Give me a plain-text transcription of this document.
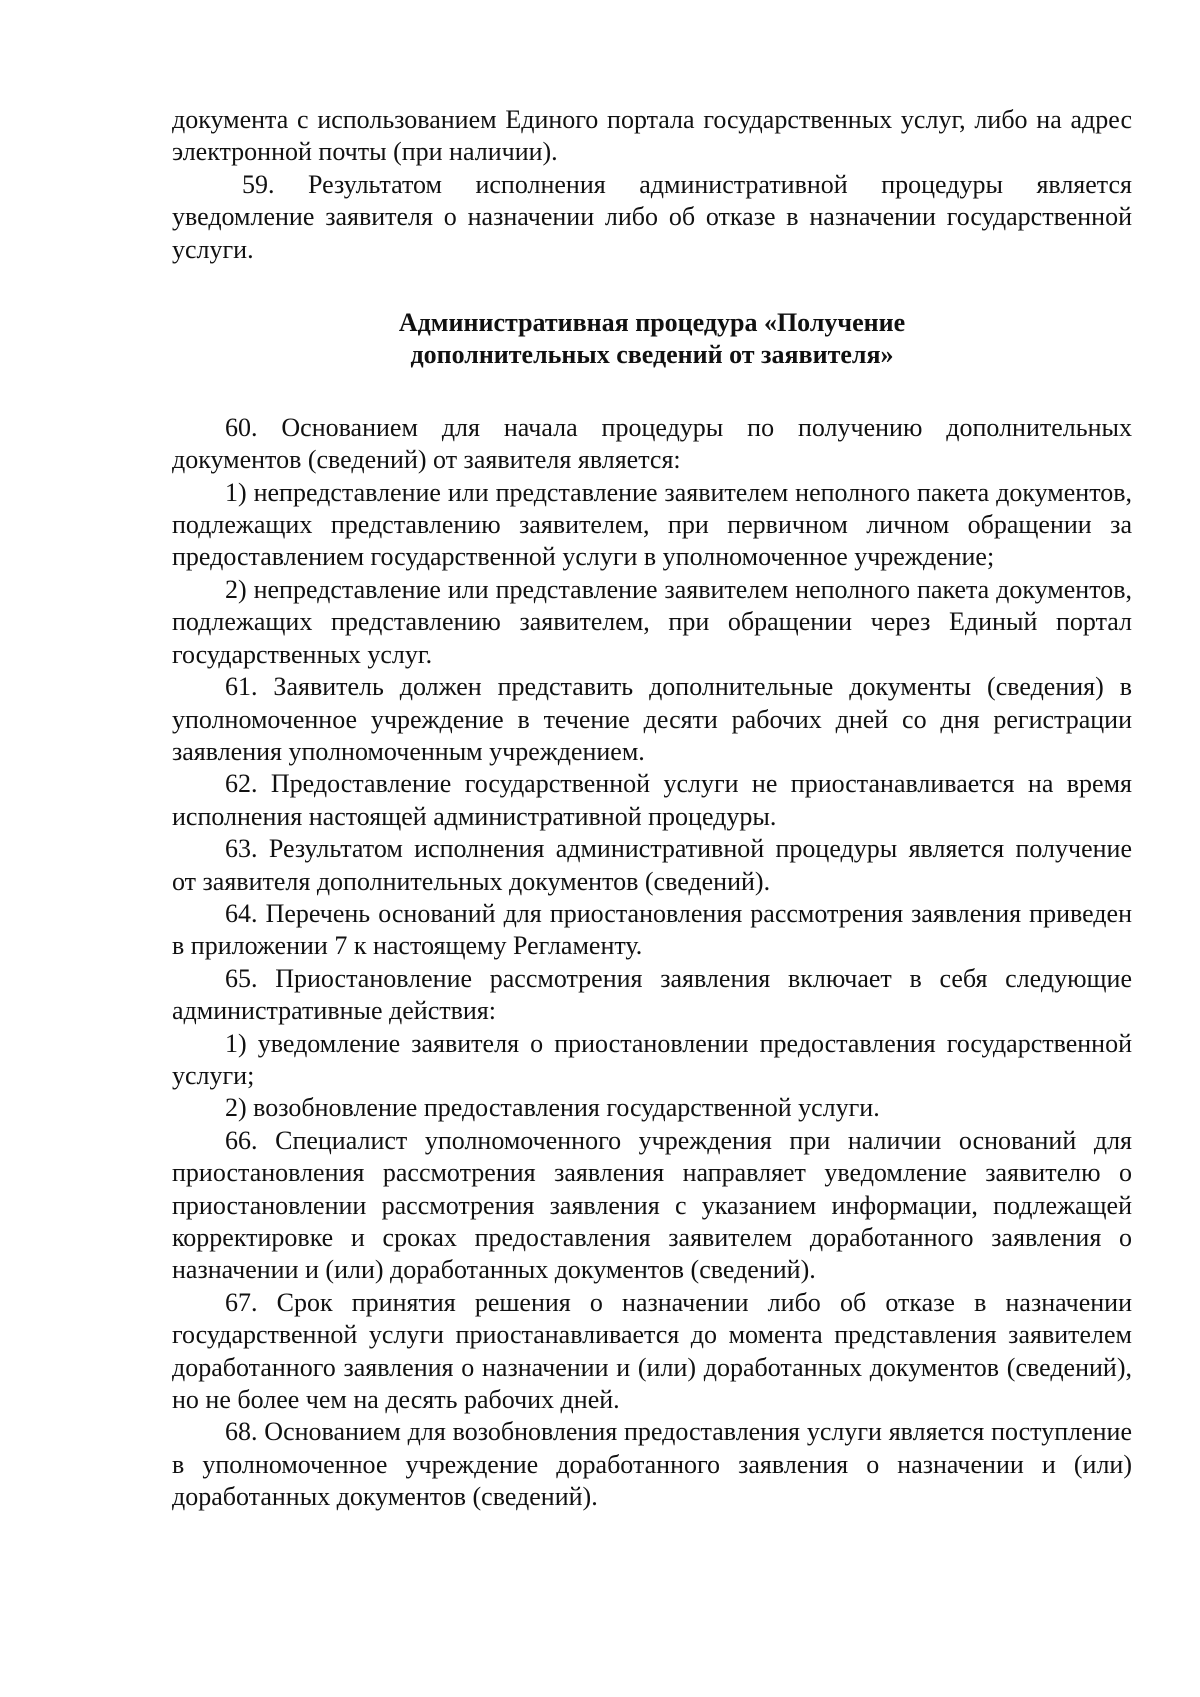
документа с использованием Единого портала государственных услуг, либо на адрес электронной почты (при наличии).

59. Результатом исполнения административной процедуры является уведомление заявителя о назначении либо об отказе в назначении государственной услуги.

Административная процедура «Получение
дополнительных сведений от заявителя»

60. Основанием для начала процедуры по получению дополнительных документов (сведений) от заявителя является:

1) непредставление или представление заявителем неполного пакета документов, подлежащих представлению заявителем, при первичном личном обращении за предоставлением государственной услуги в уполномоченное учреждение;

2) непредставление или представление заявителем неполного пакета документов, подлежащих представлению заявителем, при обращении через Единый портал государственных услуг.

61. Заявитель должен представить дополнительные документы (сведения) в уполномоченное учреждение в течение десяти рабочих дней со дня регистрации заявления уполномоченным учреждением.

62. Предоставление государственной услуги не приостанавливается на время исполнения настоящей административной процедуры.

63. Результатом исполнения административной процедуры является получение от заявителя дополнительных документов (сведений).

64. Перечень оснований для приостановления рассмотрения заявления приведен в приложении 7 к настоящему Регламенту.

65. Приостановление рассмотрения заявления включает в себя следующие административные действия:

1) уведомление заявителя о приостановлении предоставления государственной услуги;

2) возобновление предоставления государственной услуги.

66. Специалист уполномоченного учреждения при наличии оснований для приостановления рассмотрения заявления направляет уведомление заявителю о приостановлении рассмотрения заявления с указанием информации, подлежащей корректировке и сроках предоставления заявителем доработанного заявления о назначении и (или) доработанных документов (сведений).

67. Срок принятия решения о назначении либо об отказе в назначении государственной услуги приостанавливается до момента представления заявителем доработанного заявления о назначении и (или) доработанных документов (сведений), но не более чем на десять рабочих дней.

68. Основанием для возобновления предоставления услуги является поступление в уполномоченное учреждение доработанного заявления о назначении и (или) доработанных документов (сведений).
